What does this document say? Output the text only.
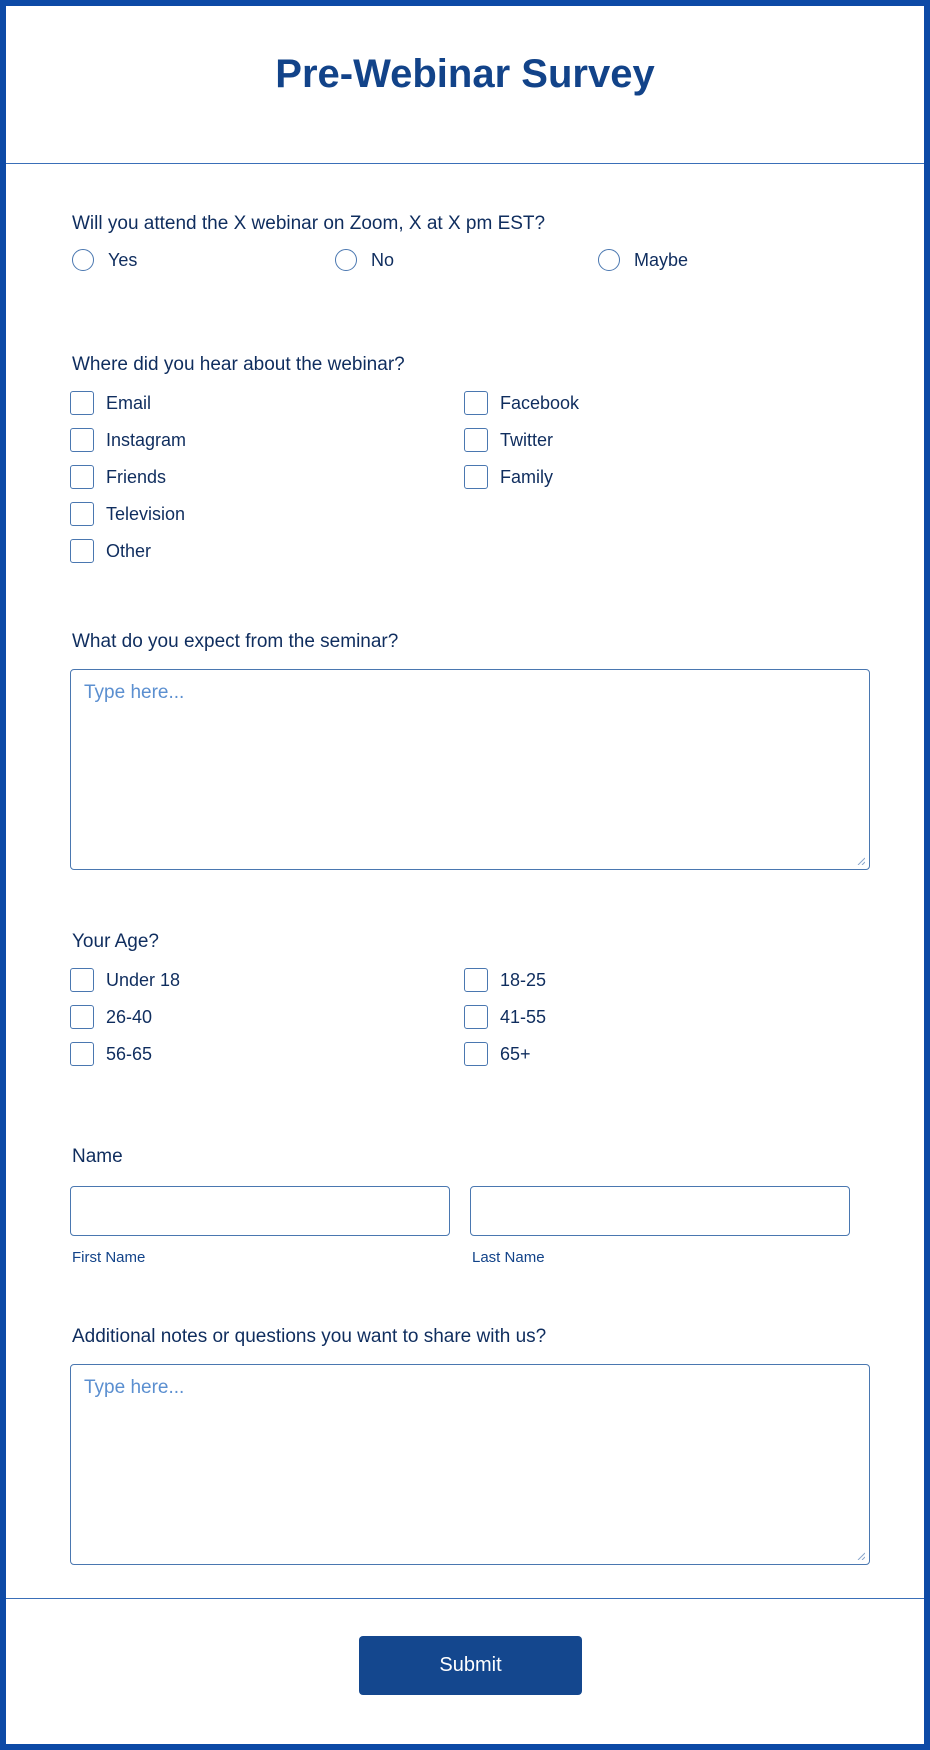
Pre-Webinar Survey

Will you attend the X webinar on Zoom, X at X pm EST?

Yes	No	Maybe

Where did you hear about the webinar?

Email	Facebook
Instagram	Twitter
Friends	Family
Television
Other

What do you expect from the seminar?

Type here...

Your Age?

Under 18	18-25
26-40	41-55
56-65	65+

Name

First Name	Last Name

Additional notes or questions you want to share with us?

Type here...
Submit
